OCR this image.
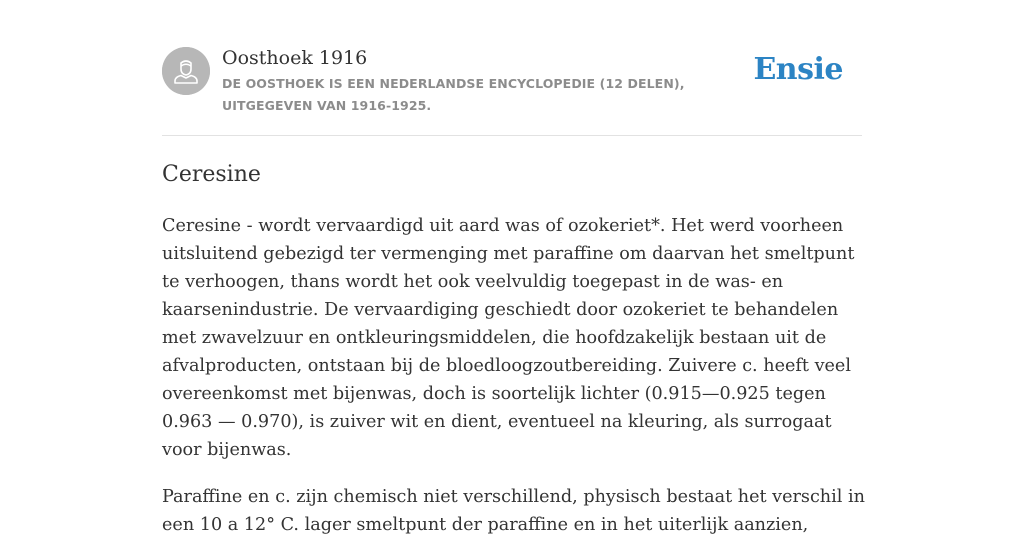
Oosthoek 1916
DE OOSTHOEK IS EEN NEDERLANDSE ENCYCLOPEDIE (12 DELEN), UITGEGEVEN VAN 1916-1925.
Ensie
Ceresine

Ceresine - wordt vervaardigd uit aard was of ozokeriet*. Het werd voorheen uitsluitend gebezigd ter vermenging met paraffine om daarvan het smeltpunt te verhoogen, thans wordt het ook veelvuldig toegepast in de was- en kaarsenindustrie. De vervaardiging geschiedt door ozokeriet te behandelen met zwavelzuur en ontkleuringsmiddelen, die hoofdzakelijk bestaan uit de afvalproducten, ontstaan bij de bloedloogzoutbereiding. Zuivere c. heeft veel overeenkomst met bijenwas, doch is soortelijk lichter (0.915—0.925 tegen 0.963 — 0.970), is zuiver wit en dient, eventueel na kleuring, als surrogaat voor bijenwas.

Paraffine en c. zijn chemisch niet verschillend, physisch bestaat het verschil in een 10 a 12° C. lager smeltpunt der paraffine en in het uiterlijk aanzien,
